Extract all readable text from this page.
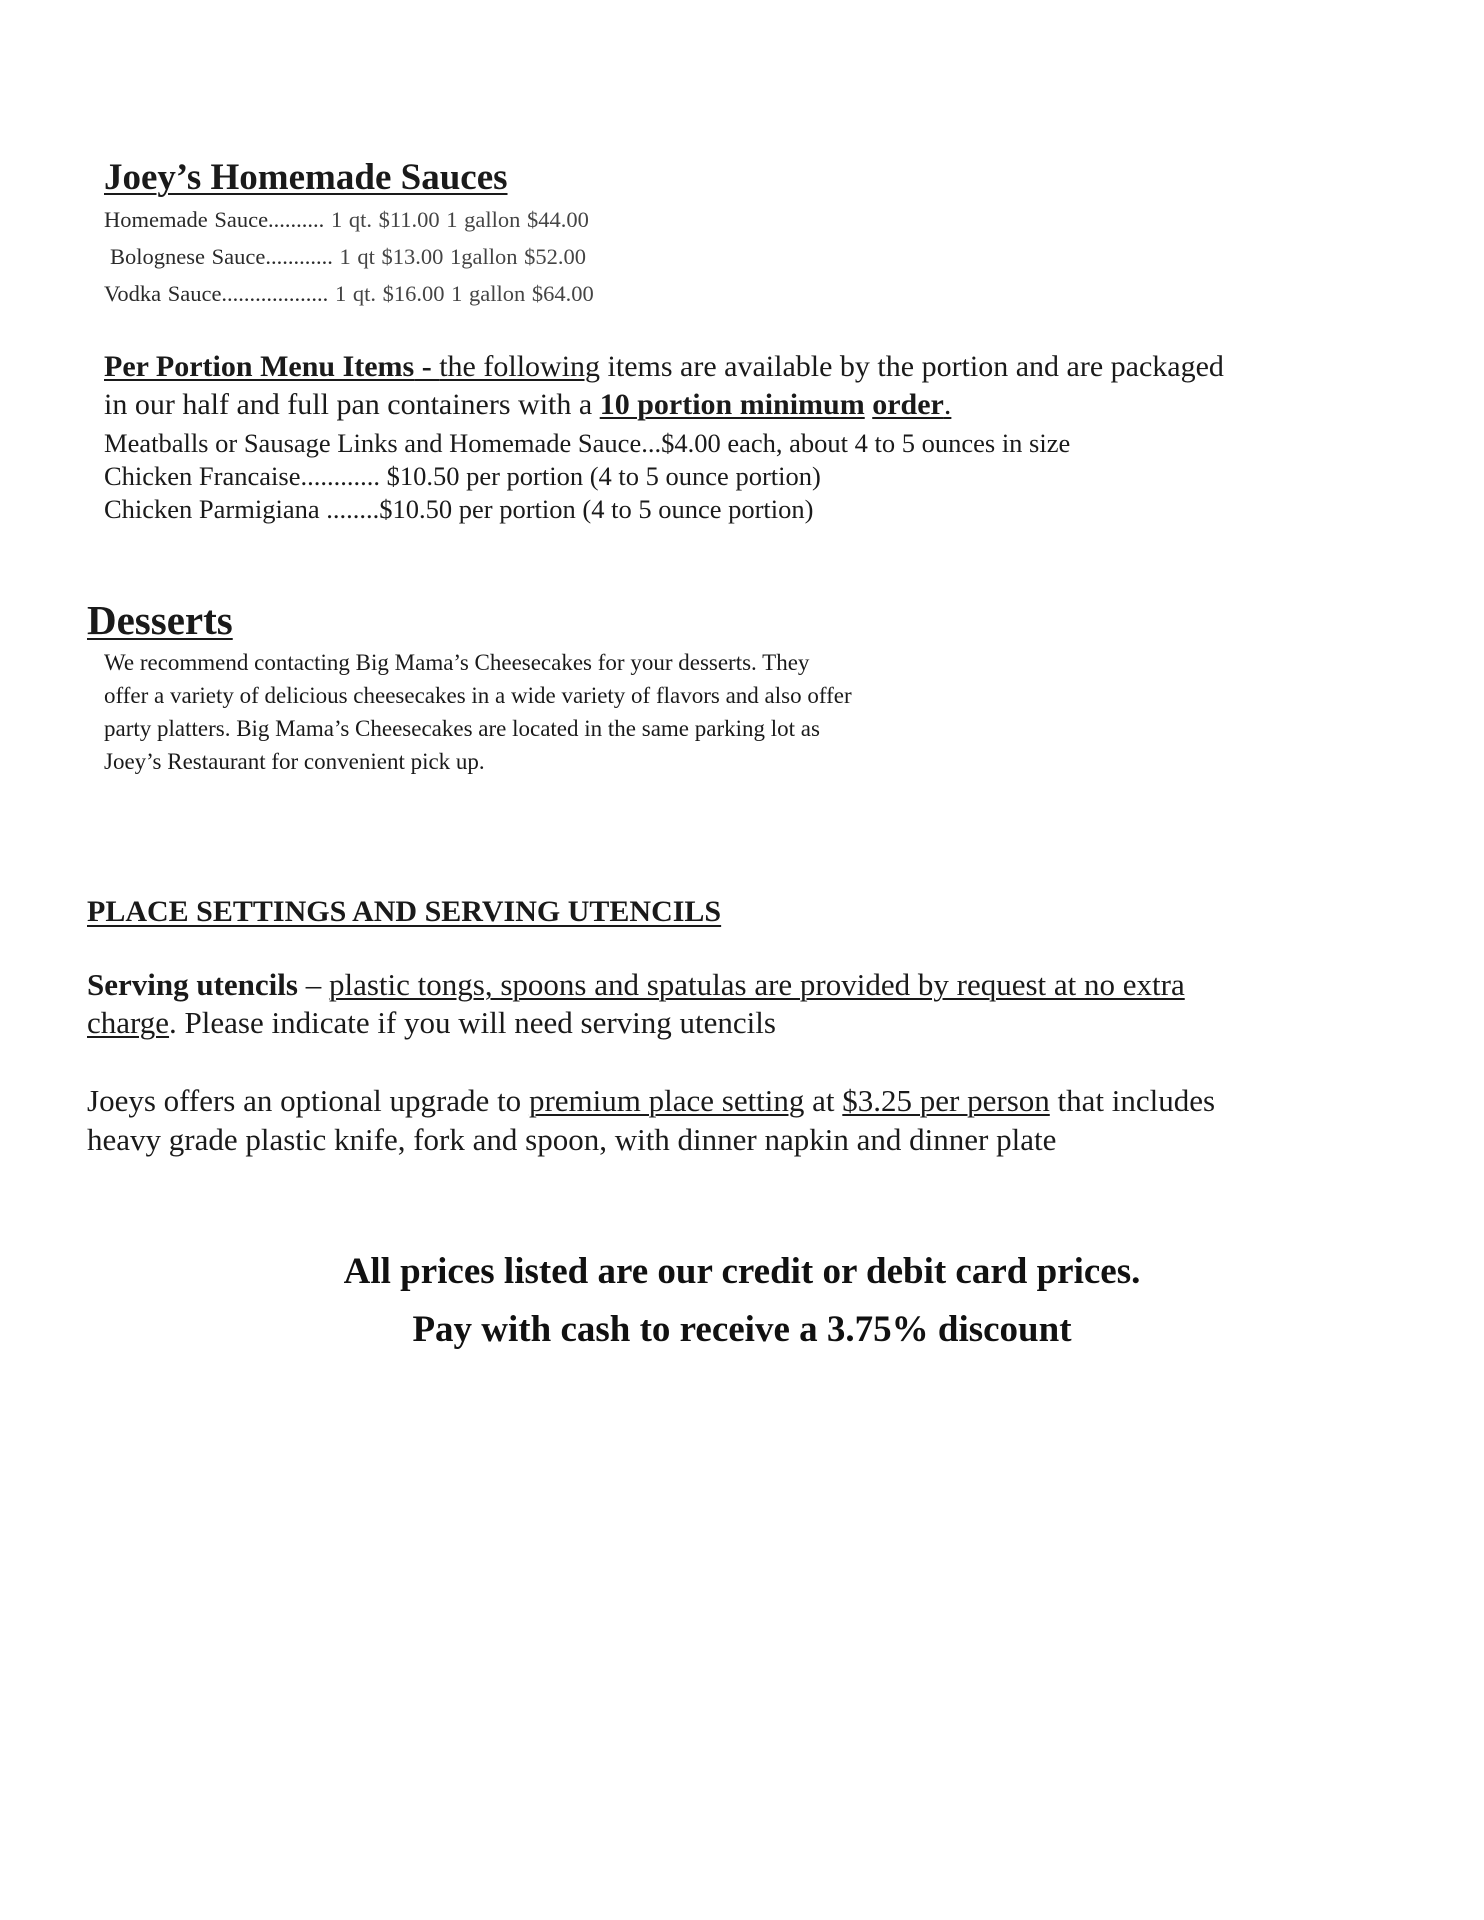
Joey’s Homemade Sauces
Homemade Sauce.......... 1 qt. $11.00 1 gallon $44.00
Bolognese Sauce............ 1 qt $13.00 1gallon $52.00
Vodka Sauce................... 1 qt. $16.00 1 gallon $64.00
Per Portion Menu Items - the following items are available by the portion and are packaged
in our half and full pan containers with a 10 portion minimum order.
Meatballs or Sausage Links and Homemade Sauce...$4.00 each, about 4 to 5 ounces in size
Chicken Francaise............ $10.50 per portion (4 to 5 ounce portion)
Chicken Parmigiana ........$10.50 per portion (4 to 5 ounce portion)
Desserts
We recommend contacting Big Mama’s Cheesecakes for your desserts. They
offer a variety of delicious cheesecakes in a wide variety of flavors and also offer
party platters. Big Mama’s Cheesecakes are located in the same parking lot as
Joey’s Restaurant for convenient pick up.
PLACE SETTINGS AND SERVING UTENCILS
Serving utencils – plastic tongs, spoons and spatulas are provided by request at no extra
charge. Please indicate if you will need serving utencils
Joeys offers an optional upgrade to premium place setting at $3.25 per person that includes
heavy grade plastic knife, fork and spoon, with dinner napkin and dinner plate
All prices listed are our credit or debit card prices.
Pay with cash to receive a 3.75% discount
